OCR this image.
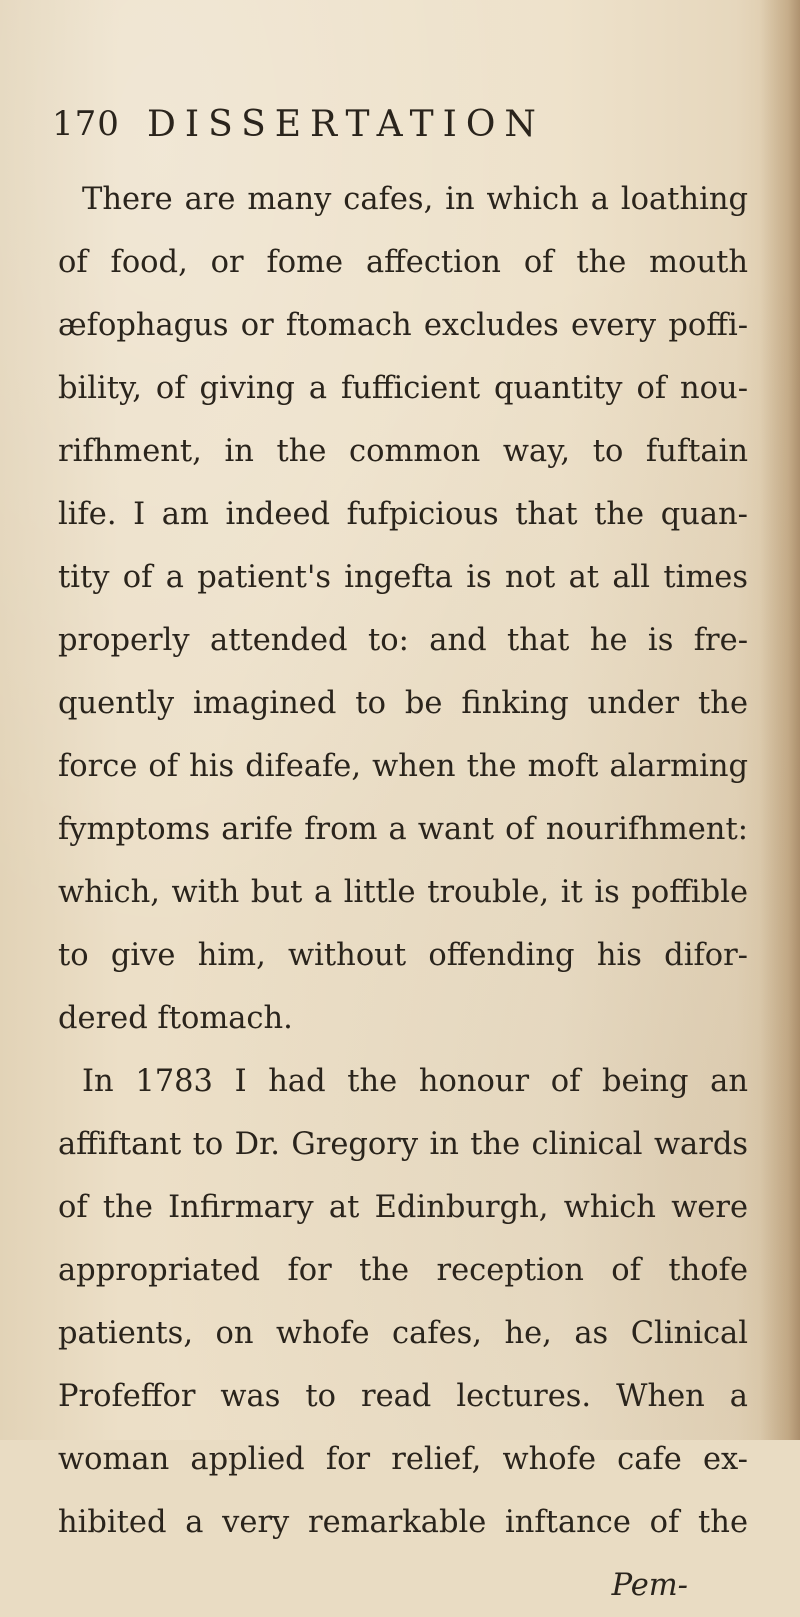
170 DISSERTATION
There are many cafes, in which a loathing
of food, or fome affection of the mouth
æfophagus or ftomach excludes every poffi-
bility, of giving a fufficient quantity of nou-
rifhment, in the common way, to fuftain
life. I am indeed fufpicious that the quan-
tity of a patient's ingefta is not at all times
properly attended to: and that he is fre-
quently imagined to be finking under the
force of his difeafe, when the moft alarming
fymptoms arife from a want of nourifhment:
which, with but a little trouble, it is poffible
to give him, without offending his difor-
dered ftomach.
In 1783 I had the honour of being an
affiftant to Dr. Gregory in the clinical wards
of the Infirmary at Edinburgh, which were
appropriated for the reception of thofe
patients, on whofe cafes, he, as Clinical
Profeffor was to read lectures. When a
woman applied for relief, whofe cafe ex-
hibited a very remarkable inftance of the
Pem-
